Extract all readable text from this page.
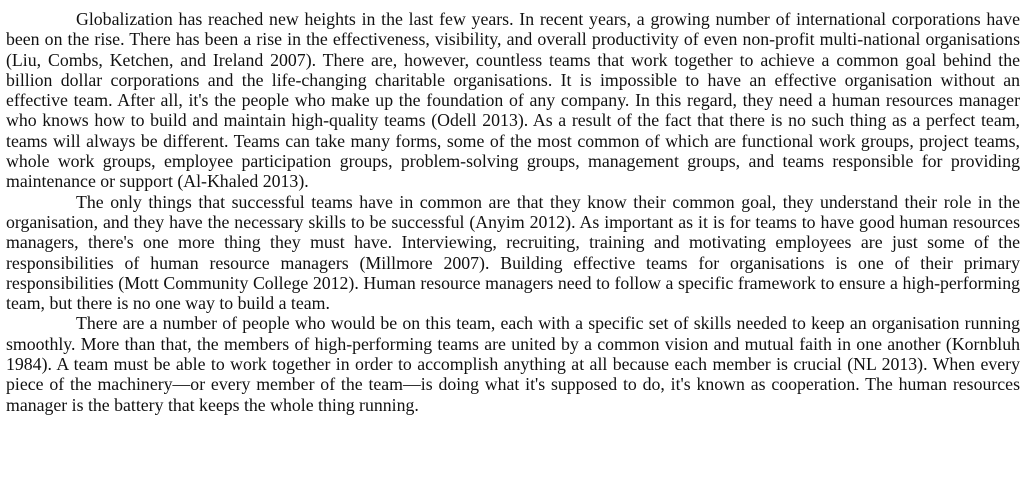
Globalization has reached new heights in the last few years. In recent years, a growing number of international corporations have been on the rise. There has been a rise in the effectiveness, visibility, and overall productivity of even non-profit multi-national organisations (Liu, Combs, Ketchen, and Ireland 2007). There are, however, countless teams that work together to achieve a common goal behind the billion dollar corporations and the life-changing charitable organisations. It is impossible to have an effective organisation without an effective team. After all, it's the people who make up the foundation of any company. In this regard, they need a human resources manager who knows how to build and maintain high-quality teams (Odell 2013). As a result of the fact that there is no such thing as a perfect team, teams will always be different. Teams can take many forms, some of the most common of which are functional work groups, project teams, whole work groups, employee participation groups, problem-solving groups, management groups, and teams responsible for providing maintenance or support (Al-Khaled 2013).

The only things that successful teams have in common are that they know their common goal, they understand their role in the organisation, and they have the necessary skills to be successful (Anyim 2012). As important as it is for teams to have good human resources managers, there's one more thing they must have. Interviewing, recruiting, training and motivating employees are just some of the responsibilities of human resource managers (Millmore 2007). Building effective teams for organisations is one of their primary responsibilities (Mott Community College 2012). Human resource managers need to follow a specific framework to ensure a high-performing team, but there is no one way to build a team.

There are a number of people who would be on this team, each with a specific set of skills needed to keep an organisation running smoothly. More than that, the members of high-performing teams are united by a common vision and mutual faith in one another (Kornbluh 1984). A team must be able to work together in order to accomplish anything at all because each member is crucial (NL 2013). When every piece of the machinery—or every member of the team—is doing what it's supposed to do, it's known as cooperation. The human resources manager is the battery that keeps the whole thing running.
